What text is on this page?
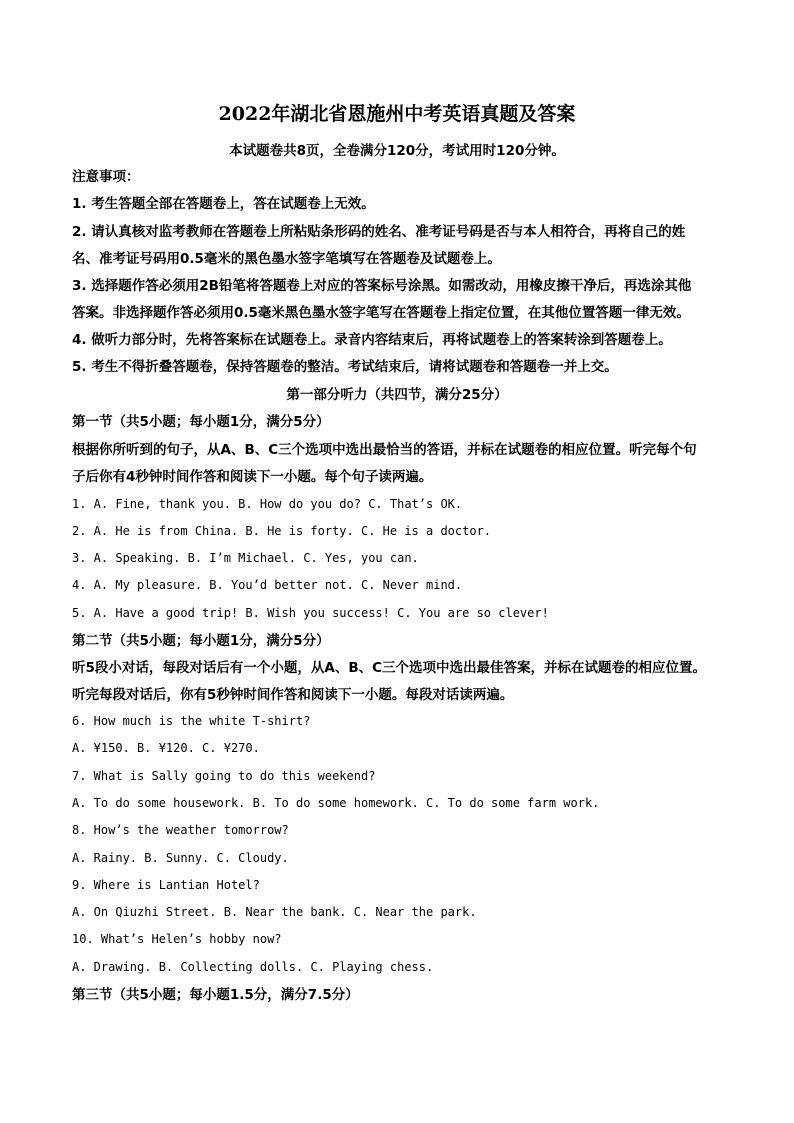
2022年湖北省恩施州中考英语真题及答案
本试题卷共8页，全卷满分120分，考试用时120分钟。
注意事项：
1. 考生答题全部在答题卷上，答在试题卷上无效。
2. 请认真核对监考教师在答题卷上所粘贴条形码的姓名、准考证号码是否与本人相符合，再将自己的姓
名、准考证号码用0.5毫米的黑色墨水签字笔填写在答题卷及试题卷上。
3. 选择题作答必须用2B铅笔将答题卷上对应的答案标号涂黑。如需改动，用橡皮擦干净后，再选涂其他
答案。非选择题作答必须用0.5毫米黑色墨水签字笔写在答题卷上指定位置，在其他位置答题一律无效。
4. 做听力部分时，先将答案标在试题卷上。录音内容结束后，再将试题卷上的答案转涂到答题卷上。
5. 考生不得折叠答题卷，保持答题卷的整洁。考试结束后，请将试题卷和答题卷一并上交。
第一部分听力（共四节，满分25分）
第一节（共5小题；每小题1分，满分5分）
根据你所听到的句子，从A、B、C三个选项中选出最恰当的答语，并标在试题卷的相应位置。听完每个句
子后你有4秒钟时间作答和阅读下一小题。每个句子读两遍。
1. A. Fine, thank you. B. How do you do? C. That’s OK.
2. A. He is from China. B. He is forty. C. He is a doctor.
3. A. Speaking. B. I’m Michael. C. Yes, you can.
4. A. My pleasure. B. You’d better not. C. Never mind.
5. A. Have a good trip! B. Wish you success! C. You are so clever!
第二节（共5小题；每小题1分，满分5分）
听5段小对话，每段对话后有一个小题，从A、B、C三个选项中选出最佳答案，并标在试题卷的相应位置。
听完每段对话后，你有5秒钟时间作答和阅读下一小题。每段对话读两遍。
6. How much is the white T-shirt?
A. ¥150. B. ¥120. C. ¥270.
7. What is Sally going to do this weekend?
A. To do some housework. B. To do some homework. C. To do some farm work.
8. How’s the weather tomorrow?
A. Rainy. B. Sunny. C. Cloudy.
9. Where is Lantian Hotel?
A. On Qiuzhi Street. B. Near the bank. C. Near the park.
10. What’s Helen’s hobby now?
A. Drawing. B. Collecting dolls. C. Playing chess.
第三节（共5小题；每小题1.5分，满分7.5分）
